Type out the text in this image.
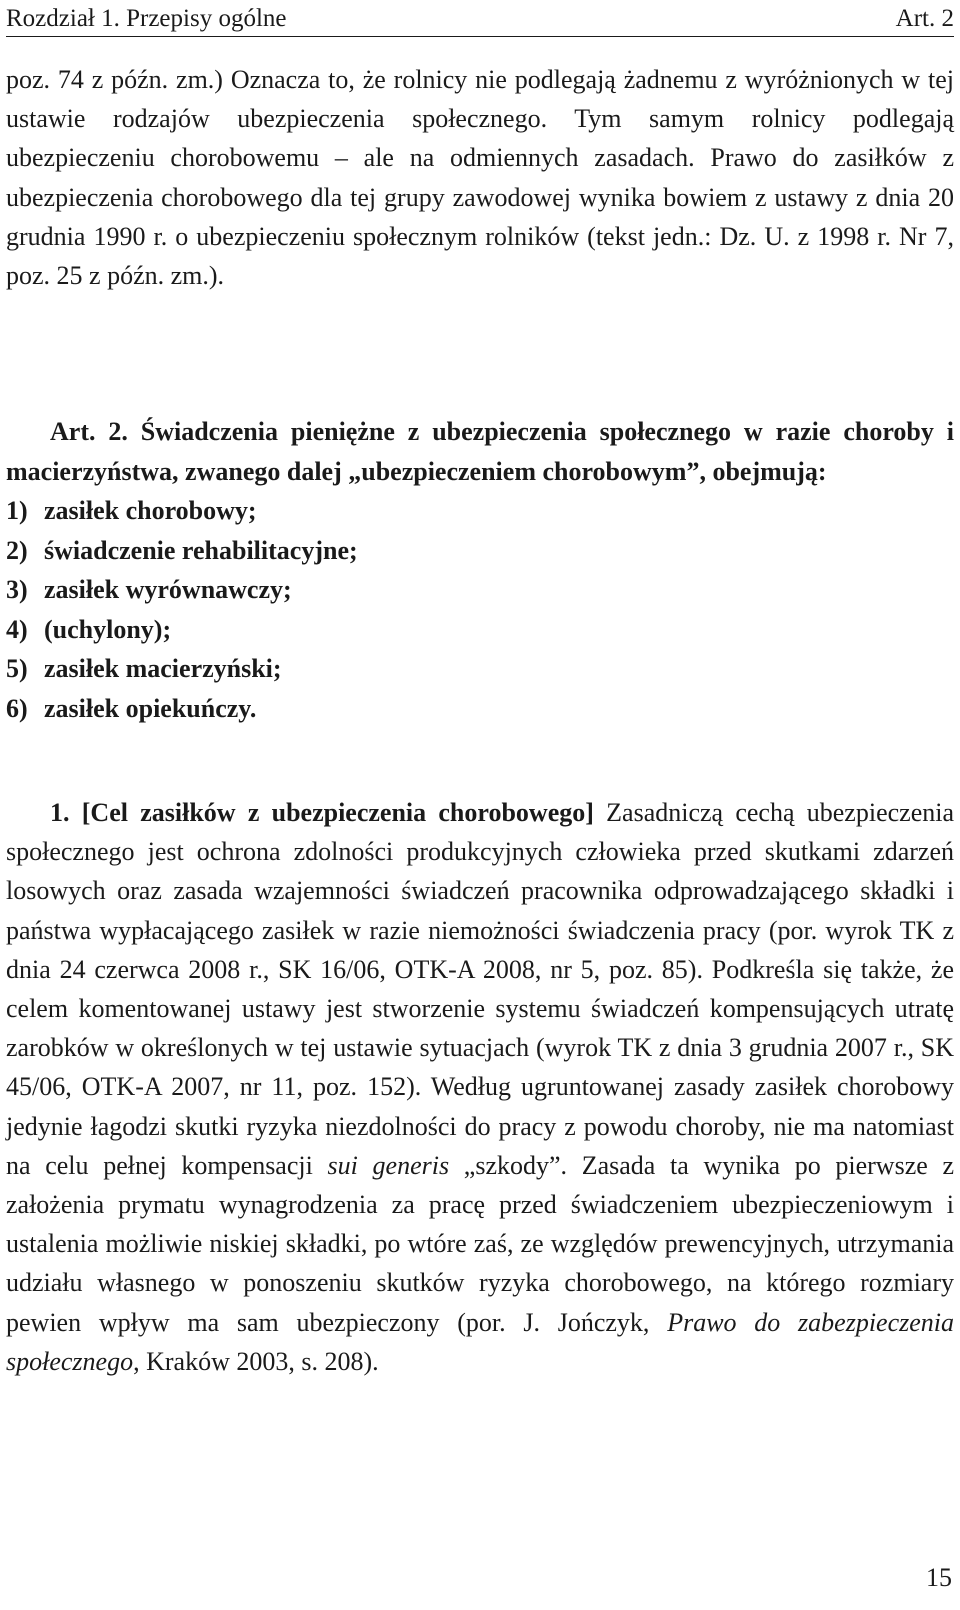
Rozdział 1. Przepisy ogólne	Art. 2

poz. 74 z późn. zm.) Oznacza to, że rolnicy nie podlegają żadnemu z wyróżnionych w tej ustawie rodzajów ubezpieczenia społecznego. Tym samym rolnicy podlegają ubezpieczeniu chorobowemu – ale na odmiennych zasadach. Prawo do zasiłków z ubezpieczenia chorobowego dla tej grupy zawodowej wynika bowiem z ustawy z dnia 20 grudnia 1990 r. o ubezpieczeniu społecznym rolników (tekst jedn.: Dz. U. z 1998 r. Nr 7, poz. 25 z późn. zm.).

Art. 2. Świadczenia pieniężne z ubezpieczenia społecznego w razie choroby i macierzyństwa, zwanego dalej „ubezpieczeniem chorobowym”, obejmują:

1) zasiłek chorobowy;
2) świadczenie rehabilitacyjne;
3) zasiłek wyrównawczy;
4) (uchylony);
5) zasiłek macierzyński;
6) zasiłek opiekuńczy.

1. [Cel zasiłków z ubezpieczenia chorobowego] Zasadniczą cechą ubezpieczenia społecznego jest ochrona zdolności produkcyjnych człowieka przed skutkami zdarzeń losowych oraz zasada wzajemności świadczeń pracownika odprowadzającego składki i państwa wypłacającego zasiłek w razie niemożności świadczenia pracy (por. wyrok TK z dnia 24 czerwca 2008 r., SK 16/06, OTK-A 2008, nr 5, poz. 85). Podkreśla się także, że celem komentowanej ustawy jest stworzenie systemu świadczeń kompensujących utratę zarobków w określonych w tej ustawie sytuacjach (wyrok TK z dnia 3 grudnia 2007 r., SK 45/06, OTK-A 2007, nr 11, poz. 152). Według ugruntowanej zasady zasiłek chorobowy jedynie łagodzi skutki ryzyka niezdolności do pracy z powodu choroby, nie ma natomiast na celu pełnej kompensacji sui generis „szkody”. Zasada ta wynika po pierwsze z założenia prymatu wynagrodzenia za pracę przed świadczeniem ubezpieczeniowym i ustalenia możliwie niskiej składki, po wtóre zaś, ze względów prewencyjnych, utrzymania udziału własnego w ponoszeniu skutków ryzyka chorobowego, na którego rozmiary pewien wpływ ma sam ubezpieczony (por. J. Jończyk, Prawo do zabezpieczenia społecznego, Kraków 2003, s. 208).

15
